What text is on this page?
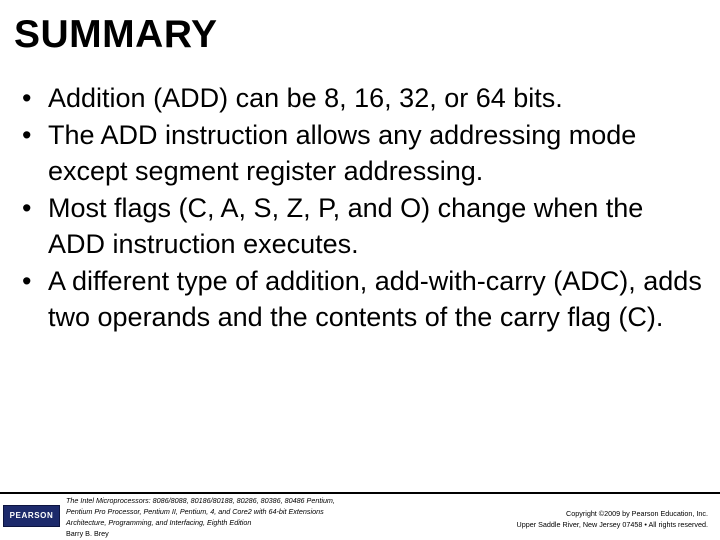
SUMMARY
• Addition (ADD) can be 8, 16, 32, or 64 bits.
• The ADD instruction allows any addressing mode except segment register addressing.
• Most flags (C, A, S, Z, P, and O) change when the ADD instruction executes.
• A different type of addition, add-with-carry (ADC), adds two operands and the contents of the carry flag (C).
PEARSON
The Intel Microprocessors: 8086/8088, 80186/80188, 80286, 80386, 80486 Pentium,
Pentium Pro Processor, Pentium II, Pentium, 4, and Core2 with 64-bit Extensions
Architecture, Programming, and Interfacing, Eighth Edition
Barry B. Brey
Copyright ©2009 by Pearson Education, Inc.
Upper Saddle River, New Jersey 07458 • All rights reserved.
